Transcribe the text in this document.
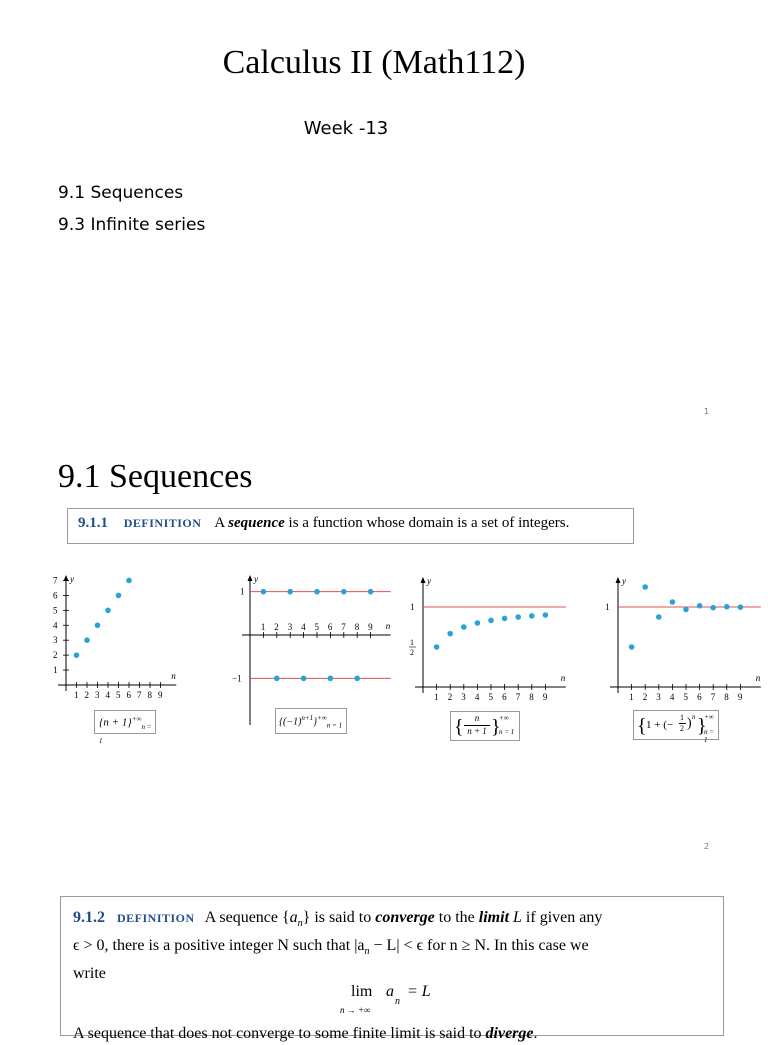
Calculus II (Math112)
Week -13
9.1 Sequences
9.3 Infinite series
1
2
9.1 Sequences
9.1.1 DEFINITION A sequence is a function whose domain is a set of integers.
y
n
1 2 3 4 5 6 7 8 9
1
2
3
4
5
6
7	y
n
1 2 3 4 5 6 7 8 9
1
−1
y
n
1 2 3 4 5 6 7 8 9
1
1
2
y
n
1 2 3 4 5 6 7 8 9
1
$\{n + 1\}^{+\infty}_{n = 1}$
$\{(-1)^{n+1}\}^{+\infty}_{n = 1}$	{	n
n + 1 }
+∞
n = 1	{ 1 + (−
1
2 ) n }
+∞
n = 1
9.1.2 DEFINITION A sequence $\{a_n\}$ is said to converge to the limit L if given any
ϵ > 0, there is a positive integer N such that $|a_n - L| < \epsilon$ for n ≥ N. In this case we
write
lim
n → +∞
a
n
= L
A sequence that does not converge to some finite limit is said to diverge.
